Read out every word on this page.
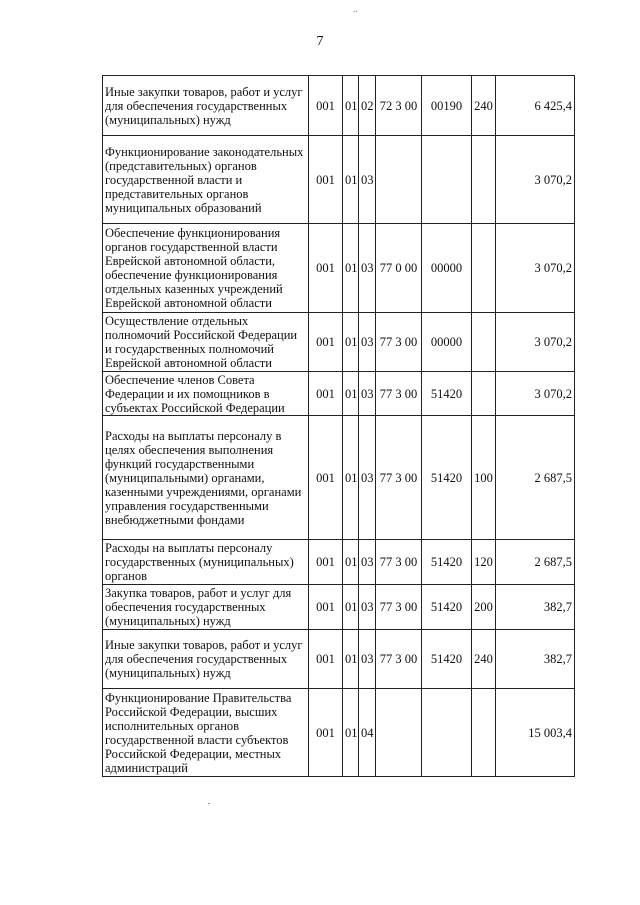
..
7
Иные закупки товаров, работ и услуг для обеспечения государственных (муниципальных) нужд	001	01	02	72 3 00	00190	240	6 425,4
Функционирование законодательных (представительных) органов государственной власти и представительных органов муниципальных образований	001	01	03				3 070,2
Обеспечение функционирования органов государственной власти Еврейской автономной области, обеспечение функционирования отдельных казенных учреждений Еврейской автономной области	001	01	03	77 0 00	00000		3 070,2
Осуществление отдельных полномочий Российской Федерации и государственных полномочий Еврейской автономной области	001	01	03	77 3 00	00000		3 070,2
Обеспечение членов Совета Федерации и их помощников в субъектах Российской Федерации	001	01	03	77 3 00	51420		3 070,2
Расходы на выплаты персоналу в целях обеспечения выполнения функций государственными (муниципальными) органами, казенными учреждениями, органами управления государственными внебюджетными фондами	001	01	03	77 3 00	51420	100	2 687,5
Расходы на выплаты персоналу государственных (муниципальных) органов	001	01	03	77 3 00	51420	120	2 687,5
Закупка товаров, работ и услуг для обеспечения государственных (муниципальных) нужд	001	01	03	77 3 00	51420	200	382,7
Иные закупки товаров, работ и услуг для обеспечения государственных (муниципальных) нужд	001	01	03	77 3 00	51420	240	382,7
Функционирование Правительства Российской Федерации, высших исполнительных органов государственной власти субъектов Российской Федерации, местных администраций	001	01	04				15 003,4
